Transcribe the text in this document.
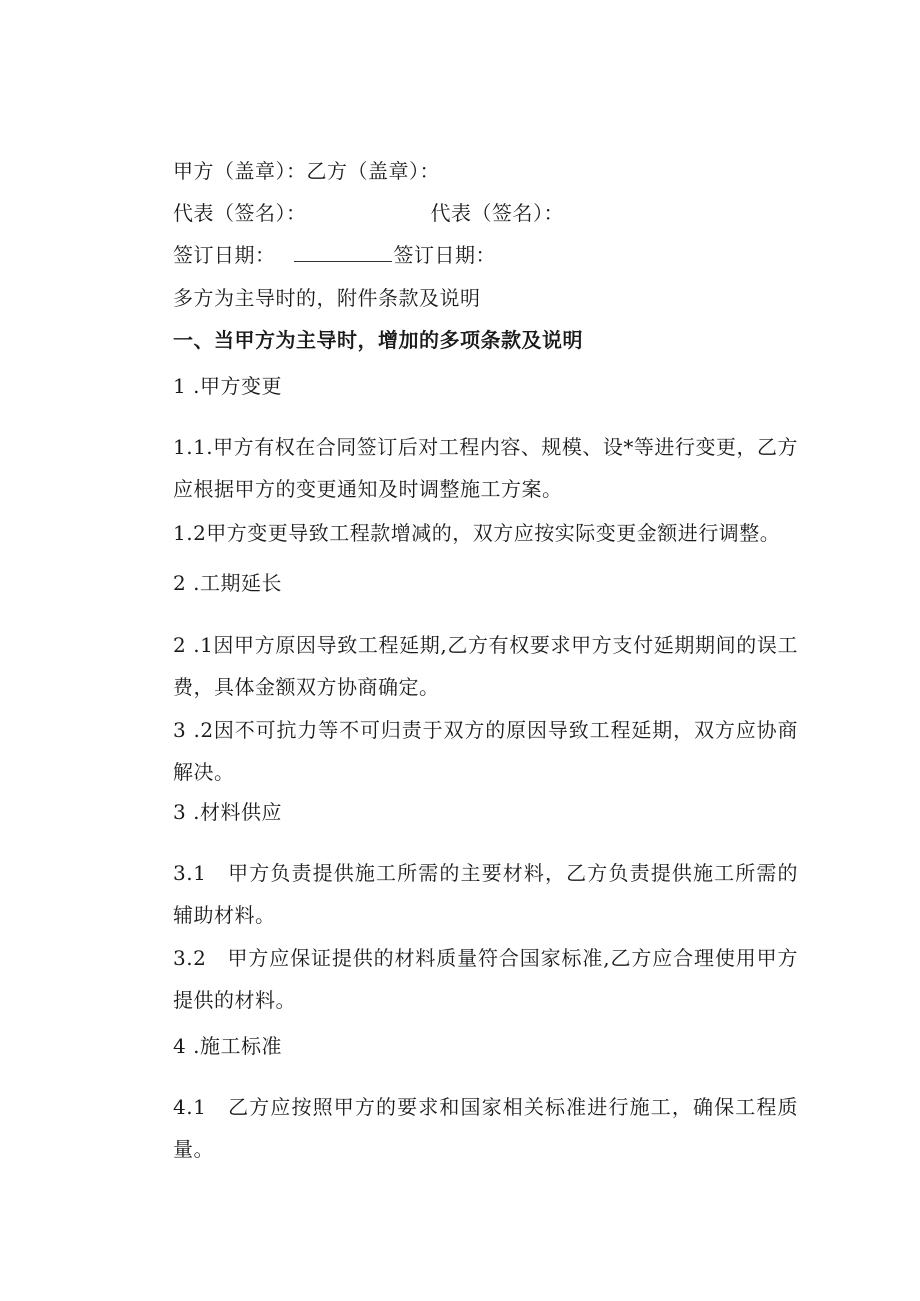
甲方（盖章）：乙方（盖章）：
代表（签名）：	代表（签名）：
签订日期：	签订日期：
多方为主导时的，附件条款及说明
一、当甲方为主导时，增加的多项条款及说明
1 .甲方变更
1.1.甲方有权在合同签订后对工程内容、规模、设*等进行变更，乙方应根据甲方的变更通知及时调整施工方案。
1.2甲方变更导致工程款增减的，双方应按实际变更金额进行调整。
2 .工期延长
2 .1因甲方原因导致工程延期,乙方有权要求甲方支付延期期间的误工费，具体金额双方协商确定。
3 .2因不可抗力等不可归责于双方的原因导致工程延期，双方应协商解决。
3 .材料供应
3.1　甲方负责提供施工所需的主要材料，乙方负责提供施工所需的辅助材料。
3.2　甲方应保证提供的材料质量符合国家标准,乙方应合理使用甲方提供的材料。
4 .施工标准
4.1　乙方应按照甲方的要求和国家相关标准进行施工，确保工程质量。
